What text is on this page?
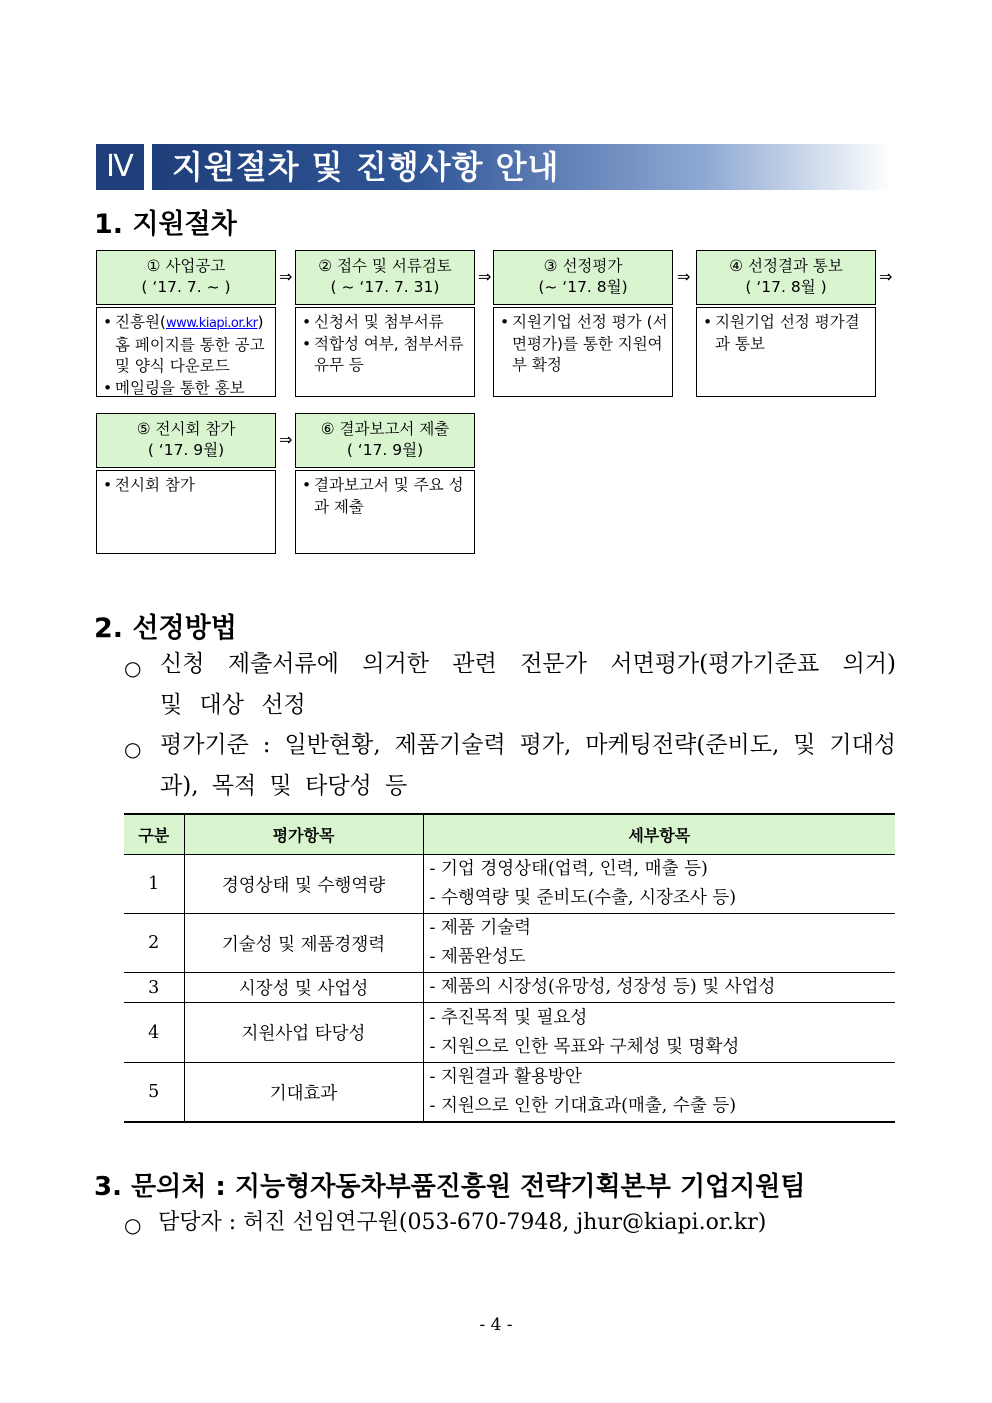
Ⅳ	지원절차 및 진행사항 안내
1. 지원절차
① 사업공고
( ‘17. 7. ~ )
• 진흥원(www.kiapi.or.kr) 홈 페이지를 통한 공고 및 양식 다운로드
• 메일링을 통한 홍보
⇒
② 접수 및 서류검토
( ~ ‘17. 7. 31)
• 신청서 및 첨부서류
• 적합성 여부, 첨부서류 유무 등
⇒
③ 선정평가
(~ ‘17. 8월)
• 지원기업 선정 평가 (서면평가)를 통한 지원여부 확정
⇒
④ 선정결과 통보
( ‘17. 8월 )
• 지원기업 선정 평가결과 통보
⇒
⑤ 전시회 참가
( ‘17. 9월)
• 전시회 참가
⇒
⑥ 결과보고서 제출
( ‘17. 9월)
• 결과보고서 및 주요 성과 제출
2. 선정방법
○ 신청 제출서류에 의거한 관련 전문가 서면평가(평가기준표 의거) 및 대상 선정
○ 평가기준 : 일반현황, 제품기술력 평가, 마케팅전략(준비도, 및 기대성과), 목적 및 타당성 등
구분	평가항목	세부항목
1	경영상태 및 수행역량	- 기업 경영상태(업력, 인력, 매출 등)
- 수행역량 및 준비도(수출, 시장조사 등)

2	기술성 및 제품경쟁력	- 제품 기술력
- 제품완성도

3	시장성 및 사업성	- 제품의 시장성(유망성, 성장성 등) 및 사업성

4	지원사업 타당성	- 추진목적 및 필요성
- 지원으로 인한 목표와 구체성 및 명확성

5	기대효과	- 지원결과 활용방안
- 지원으로 인한 기대효과(매출, 수출 등)
3. 문의처 : 지능형자동차부품진흥원 전략기획본부 기업지원팀
○ 담당자 : 허진 선임연구원(053-670-7948, jhur@kiapi.or.kr)
- 4 -
